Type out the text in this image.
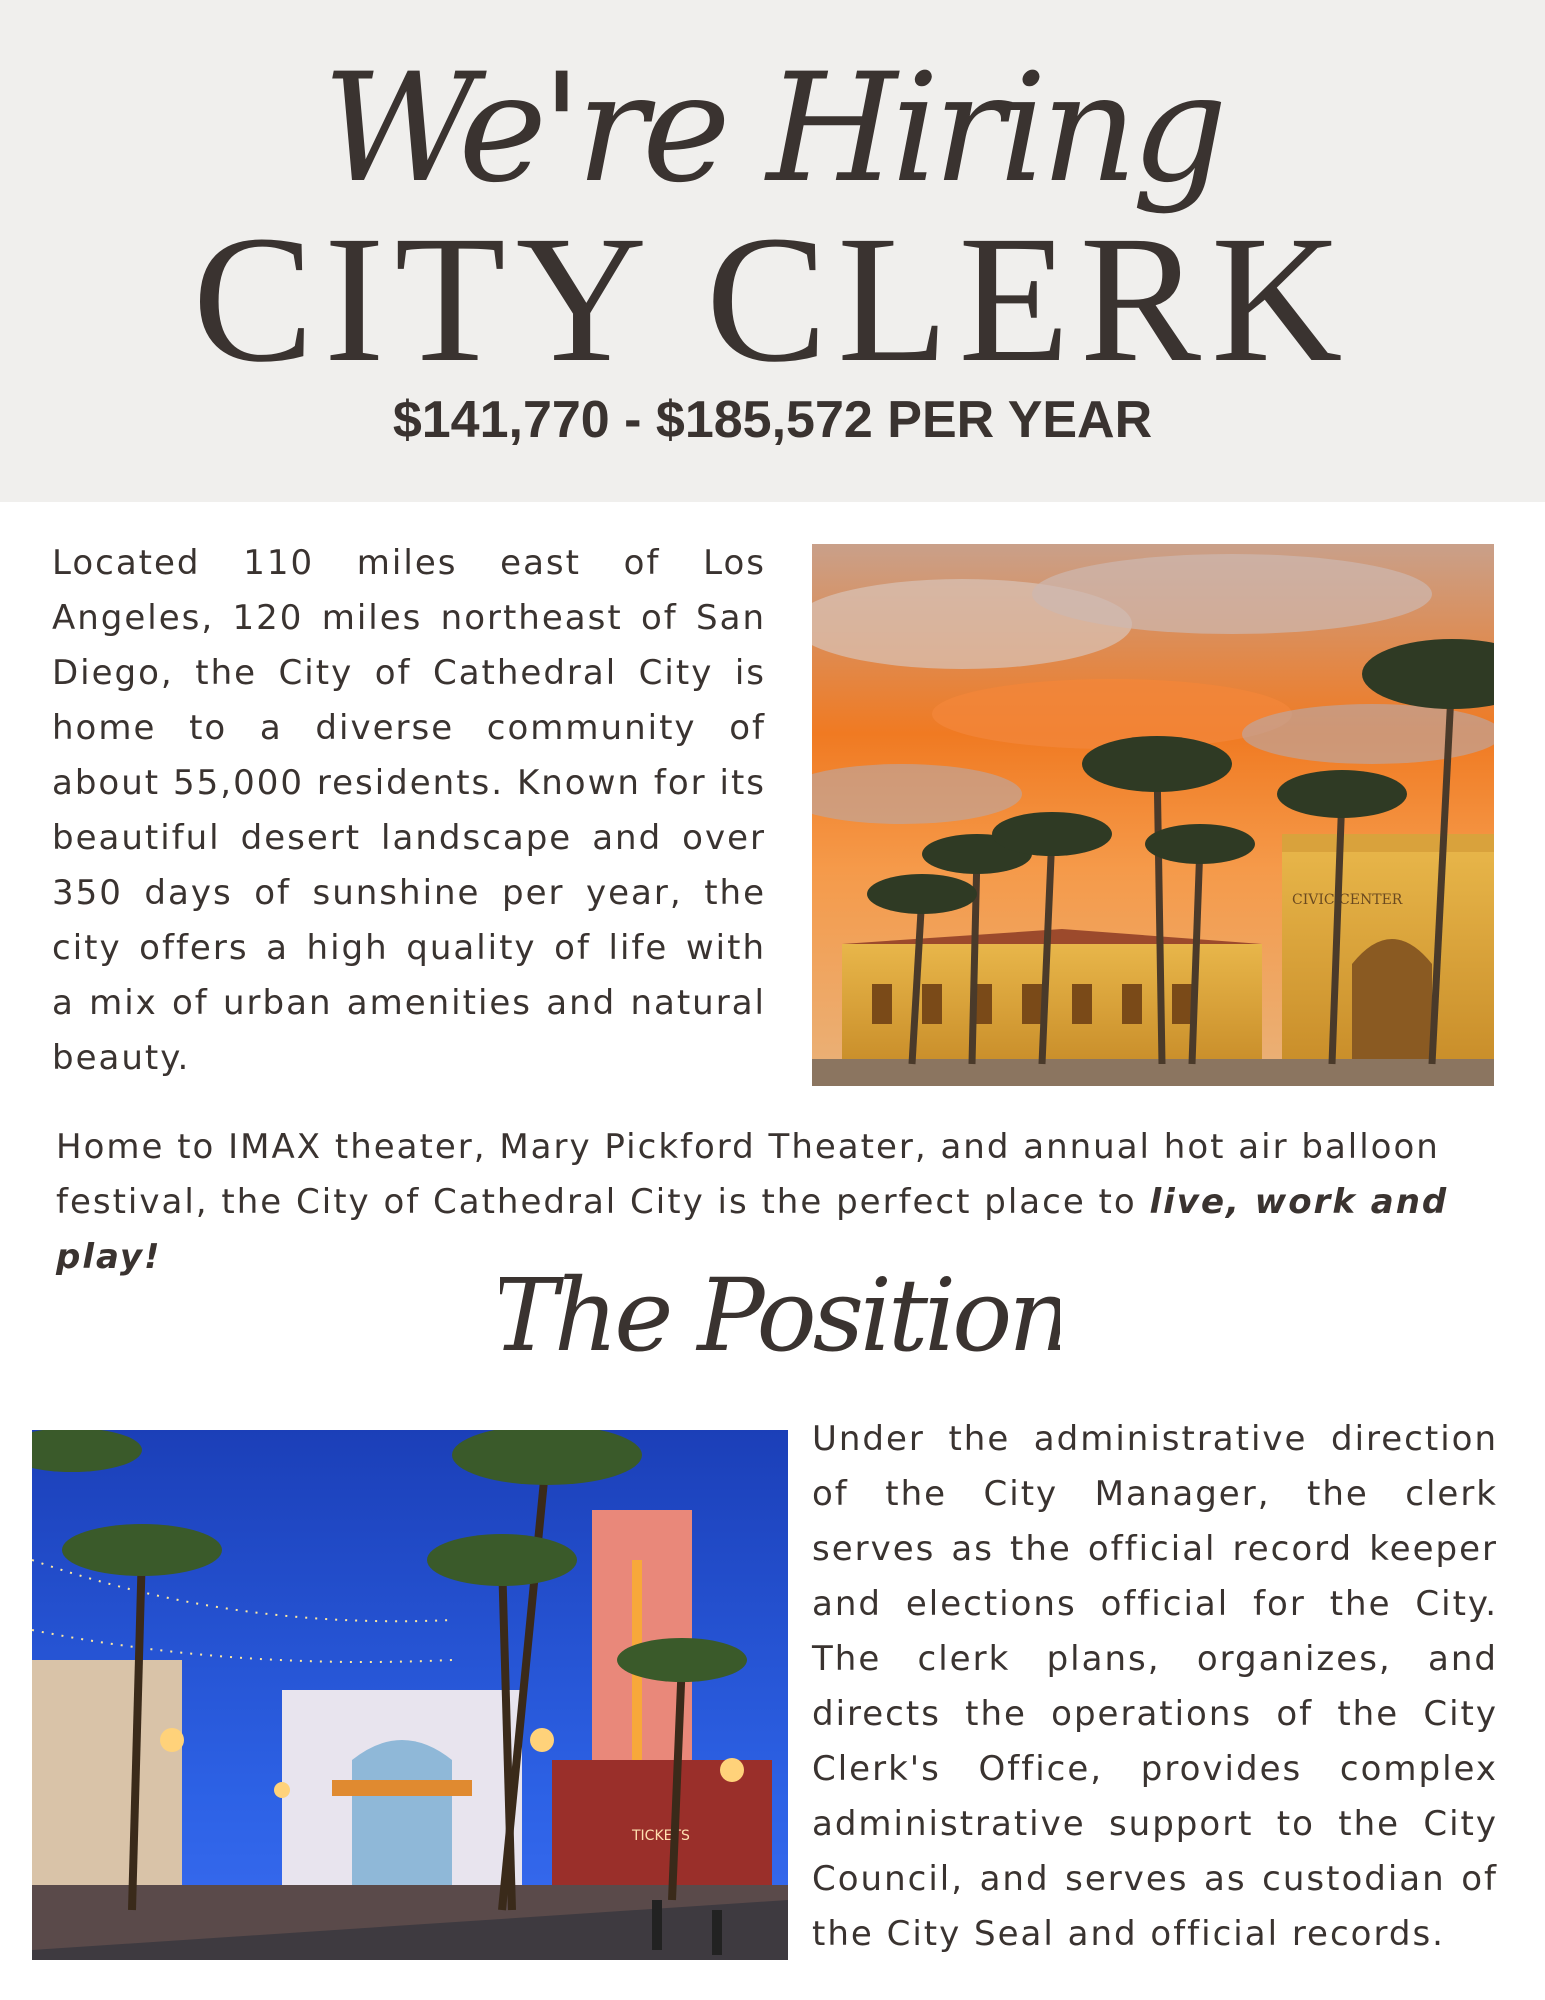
We're Hiring
CITY CLERK
$141,770 - $185,572 PER YEAR

Located 110 miles east of Los Angeles, 120 miles northeast of San Diego, the City of Cathedral City is home to a diverse community of about 55,000 residents. Known for its beautiful desert landscape and over 350 days of sunshine per year, the city offers a high quality of life with a mix of urban amenities and natural beauty.

CIVIC CENTER

Home to IMAX theater, Mary Pickford Theater, and annual hot air balloon festival, the City of Cathedral City is the perfect place to live, work and play!	The Position
TICKETS

Under the administrative direction of the City Manager, the clerk serves as the official record keeper and elections official for the City. The clerk plans, organizes, and directs the operations of the City Clerk's Office, provides complex administrative support to the City Council, and serves as custodian of the City Seal and official records.
